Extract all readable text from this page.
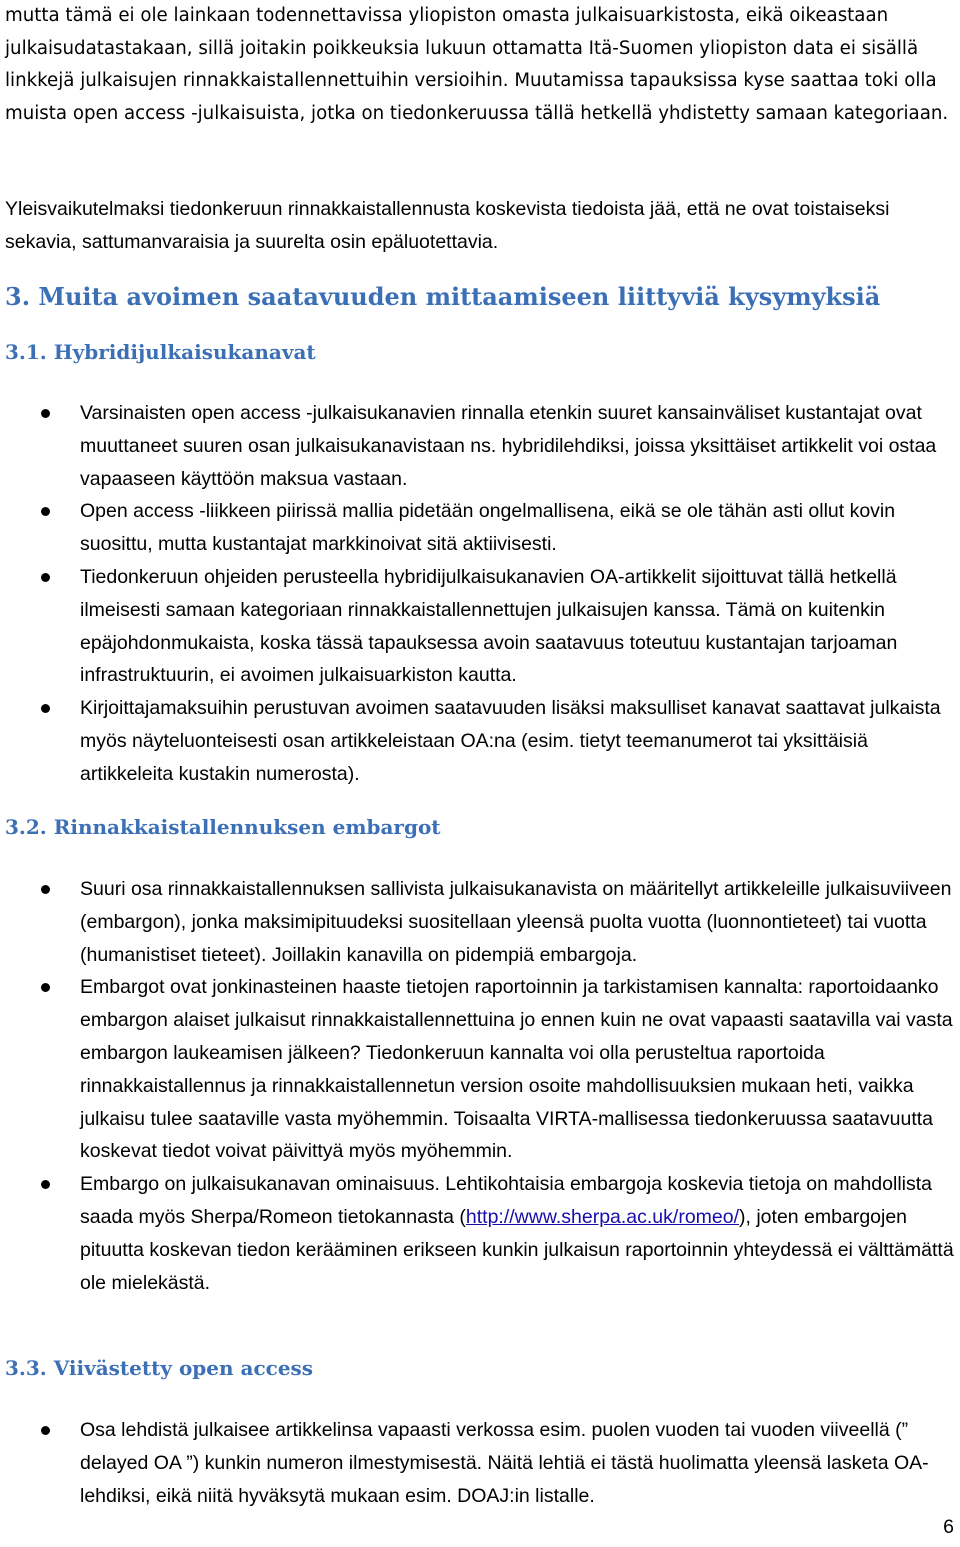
mutta tämä ei ole lainkaan todennettavissa yliopiston omasta julkaisuarkistosta, eikä oikeastaan julkaisudatastakaan, sillä joitakin poikkeuksia lukuun ottamatta Itä-Suomen yliopiston data ei sisällä linkkejä julkaisujen rinnakkaistallennettuihin versioihin. Muutamissa tapauksissa kyse saattaa toki olla muista open access -julkaisuista, jotka on tiedonkeruussa tällä hetkellä yhdistetty samaan kategoriaan.

Yleisvaikutelmaksi tiedonkeruun rinnakkaistallennusta koskevista tiedoista jää, että ne ovat toistaiseksi sekavia, sattumanvaraisia ja suurelta osin epäluotettavia.

3. Muita avoimen saatavuuden mittaamiseen liittyviä kysymyksiä
3.1. Hybridijulkaisukanavat
Varsinaisten open access -julkaisukanavien rinnalla etenkin suuret kansainväliset kustantajat ovat muuttaneet suuren osan julkaisukanavistaan ns. hybridilehdiksi, joissa yksittäiset artikkelit voi ostaa vapaaseen käyttöön maksua vastaan.
Open access -liikkeen piirissä mallia pidetään ongelmallisena, eikä se ole tähän asti ollut kovin suosittu, mutta kustantajat markkinoivat sitä aktiivisesti.
Tiedonkeruun ohjeiden perusteella hybridijulkaisukanavien OA-artikkelit sijoittuvat tällä hetkellä ilmeisesti samaan kategoriaan rinnakkaistallennettujen julkaisujen kanssa. Tämä on kuitenkin epäjohdonmukaista, koska tässä tapauksessa avoin saatavuus toteutuu kustantajan tarjoaman infrastruktuurin, ei avoimen julkaisuarkiston kautta.
Kirjoittajamaksuihin perustuvan avoimen saatavuuden lisäksi maksulliset kanavat saattavat julkaista myös näyteluonteisesti osan artikkeleistaan OA:na (esim. tietyt teemanumerot tai yksittäisiä artikkeleita kustakin numerosta).
3.2. Rinnakkaistallennuksen embargot
Suuri osa rinnakkaistallennuksen sallivista julkaisukanavista on määritellyt artikkeleille julkaisuviiveen (embargon), jonka maksimipituudeksi suositellaan yleensä puolta vuotta (luonnontieteet) tai vuotta (humanistiset tieteet). Joillakin kanavilla on pidempiä embargoja.
Embargot ovat jonkinasteinen haaste tietojen raportoinnin ja tarkistamisen kannalta: raportoidaanko embargon alaiset julkaisut rinnakkaistallennettuina jo ennen kuin ne ovat vapaasti saatavilla vai vasta embargon laukeamisen jälkeen? Tiedonkeruun kannalta voi olla perusteltua raportoida rinnakkaistallennus ja rinnakkaistallennetun version osoite mahdollisuuksien mukaan heti, vaikka julkaisu tulee saataville vasta myöhemmin. Toisaalta VIRTA-mallisessa tiedonkeruussa saatavuutta koskevat tiedot voivat päivittyä myös myöhemmin.
Embargo on julkaisukanavan ominaisuus. Lehtikohtaisia embargoja koskevia tietoja on mahdollista saada myös Sherpa/Romeon tietokannasta (http://www.sherpa.ac.uk/romeo/), joten embargojen pituutta koskevan tiedon kerääminen erikseen kunkin julkaisun raportoinnin yhteydessä ei välttämättä ole mielekästä.
3.3. Viivästetty open access
Osa lehdistä julkaisee artikkelinsa vapaasti verkossa esim. puolen vuoden tai vuoden viiveellä (” delayed OA ”) kunkin numeron ilmestymisestä. Näitä lehtiä ei tästä huolimatta yleensä lasketa OA-lehdiksi, eikä niitä hyväksytä mukaan esim. DOAJ:in listalle.
6
